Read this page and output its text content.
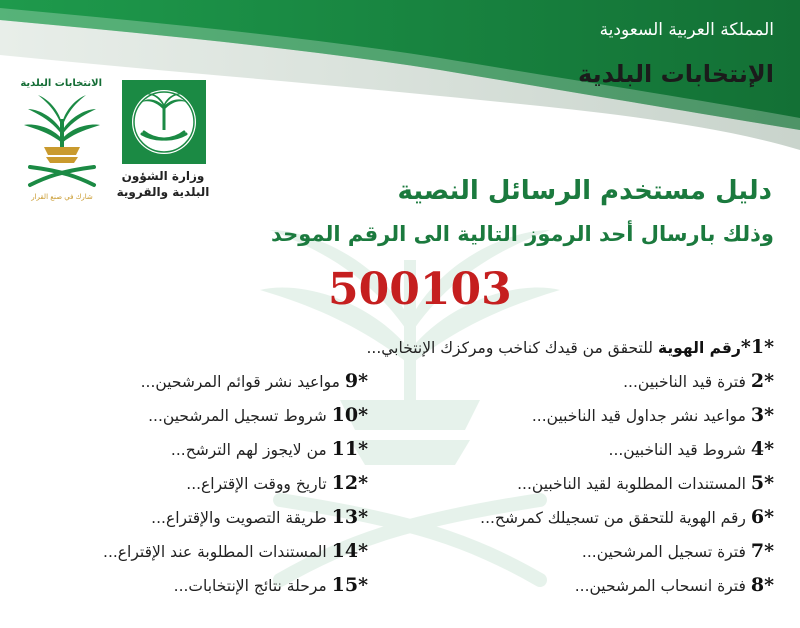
المملكة العربية السعودية
الإنتخابات البلدية
الانتخابات البلدية
شارك في صنع القرار
وزارة الشؤون
البلدية والقروية	دليل مستخدم الرسائل النصية
وذلك بارسال أحد الرموز التالية الى الرقم الموحد
500103
*1*رقم الهوية للتحقق من قيدك كناخب ومركزك الإنتخابي...
*2 فترة قيد الناخبين...
*3 مواعيد نشر جداول قيد الناخبين...
*4 شروط قيد الناخبين...
*5 المستندات المطلوبة لقيد الناخبين...
*6 رقم الهوية للتحقق من تسجيلك كمرشح...
*7 فترة تسجيل المرشحين...
*8 فترة انسحاب المرشحين...
*9 مواعيد نشر قوائم المرشحين...
*10 شروط تسجيل المرشحين...
*11 من لايجوز لهم الترشح...
*12 تاريخ ووقت الإقتراع...
*13 طريقة التصويت والإقتراع...
*14 المستندات المطلوبة عند الإقتراع...
*15 مرحلة نتائج الإنتخابات...
